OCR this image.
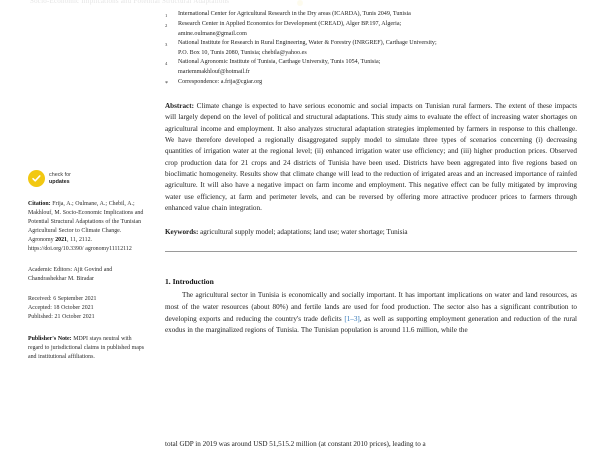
Socio-Economic Implications and Potential Structural Adaptations
check for
updates
Citation: Frija, A.; Oulmane, A.; Chebil, A.; Makhlouf, M. Socio-Economic Implications and Potential Structural Adaptations of the Tunisian Agricultural Sector to Climate Change. Agronomy 2021, 11, 2112. https://doi.org/10.3390/ agronomy11112112
Academic Editors: Ajit Govind and Chandrashekhar M. Biradar
Received: 6 September 2021
Accepted: 18 October 2021
Published: 21 October 2021
Publisher's Note: MDPI stays neutral with regard to jurisdictional claims in published maps and institutional affiliations.
1	International Center for Agricultural Research in the Dry areas (ICARDA), Tunis 2049, Tunisia
2	Research Center in Applied Economics for Development (CREAD), Alger BP.197, Algeria;
amine.oulmane@gmail.com
3	National Institute for Research in Rural Engineering, Water & Forestry (INRGREF), Carthage University;
P.O. Box 10, Tunis 2080, Tunisia; chebila@yahoo.es
4	National Agronomic Institute of Tunisia, Carthage University, Tunis 1054, Tunisia;
mariemmakhlouf@hotmail.fr
*	Correspondence: a.frija@cgiar.org
Abstract: Climate change is expected to have serious economic and social impacts on Tunisian rural farmers. The extent of these impacts will largely depend on the level of political and structural adaptations. This study aims to evaluate the effect of increasing water shortages on agricultural income and employment. It also analyzes structural adaptation strategies implemented by farmers in response to this challenge. We have therefore developed a regionally disaggregated supply model to simulate three types of scenarios concerning (i) decreasing quantities of irrigation water at the regional level; (ii) enhanced irrigation water use efficiency; and (iii) higher production prices. Observed crop production data for 21 crops and 24 districts of Tunisia have been used. Districts have been aggregated into five regions based on bioclimatic homogeneity. Results show that climate change will lead to the reduction of irrigated areas and an increased importance of rainfed agriculture. It will also have a negative impact on farm income and employment. This negative effect can be fully mitigated by improving water use efficiency, at farm and perimeter levels, and can be reversed by offering more attractive producer prices to farmers through enhanced value chain integration.
Keywords: agricultural supply model; adaptations; land use; water shortage; Tunisia
1. Introduction
The agricultural sector in Tunisia is economically and socially important. It has important implications on water and land resources, as most of the water resources (about 80%) and fertile lands are used for food production. The sector also has a significant contribution to developing exports and reducing the country's trade deficits [1–3], as well as supporting employment generation and reduction of the rural exodus in the marginalized regions of Tunisia. The Tunisian population is around 11.6 million, while the
total GDP in 2019 was around USD 51,515.2 million (at constant 2010 prices), leading to a
